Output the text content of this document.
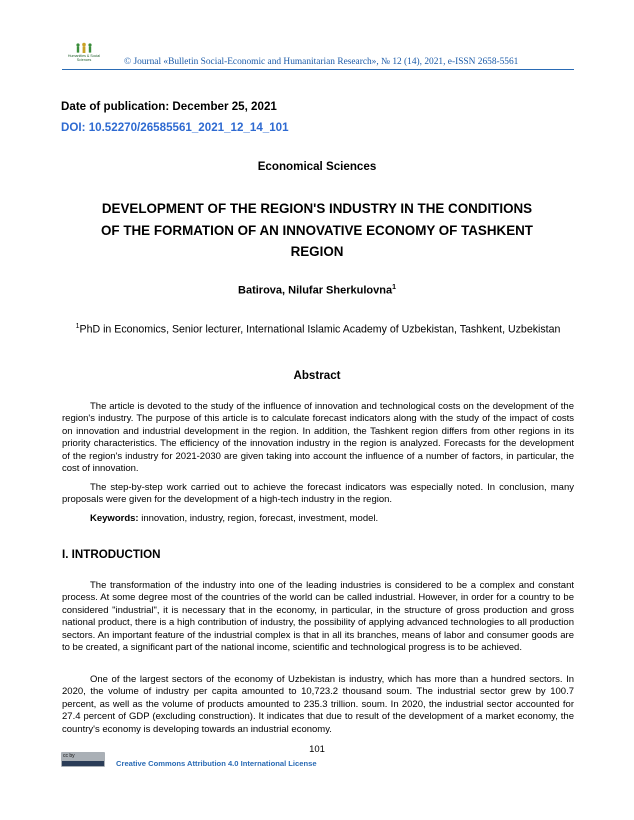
Humanities & Social Sciences	© Journal «Bulletin Social-Economic and Humanitarian Research», № 12 (14), 2021, e-ISSN 2658-5561
Date of publication: December 25, 2021
DOI: 10.52270/26585561_2021_12_14_101
Economical Sciences
DEVELOPMENT OF THE REGION'S INDUSTRY IN THE CONDITIONS
OF THE FORMATION OF AN INNOVATIVE ECONOMY OF TASHKENT
REGION
Batirova, Nilufar Sherkulovna$^1$
$^1$PhD in Economics, Senior lecturer, International Islamic Academy of Uzbekistan, Tashkent, Uzbekistan
Abstract

The article is devoted to the study of the influence of innovation and technological costs on the development of the region's industry. The purpose of this article is to calculate forecast indicators along with the study of the impact of costs on innovation and industrial development in the region. In addition, the Tashkent region differs from other regions in its priority characteristics. The efficiency of the innovation industry in the region is analyzed. Forecasts for the development of the region's industry for 2021-2030 are given taking into account the influence of a number of factors, in particular, the cost of innovation.

The step-by-step work carried out to achieve the forecast indicators was especially noted. In conclusion, many proposals were given for the development of a high-tech industry in the region.

Keywords: innovation, industry, region, forecast, investment, model.
I. INTRODUCTION

The transformation of the industry into one of the leading industries is considered to be a complex and constant process. At some degree most of the countries of the world can be called industrial. However, in order for a country to be considered "industrial", it is necessary that in the economy, in particular, in the structure of gross production and gross national product, there is a high contribution of industry, the possibility of applying advanced technologies to all production sectors. An important feature of the industrial complex is that in all its branches, means of labor and consumer goods are to be created, a significant part of the national income, scientific and technological progress is to be achieved.

One of the largest sectors of the economy of Uzbekistan is industry, which has more than a hundred sectors. In 2020, the volume of industry per capita amounted to 10,723.2 thousand soum. The industrial sector grew by 100.7 percent, as well as the volume of products amounted to 235.3 trillion. soum. In 2020, the industrial sector accounted for 27.4 percent of GDP (excluding construction). It indicates that due to result of the development of a market economy, the country's economy is developing towards an industrial economy.

101
cc by
Creative Commons Attribution 4.0 International License
